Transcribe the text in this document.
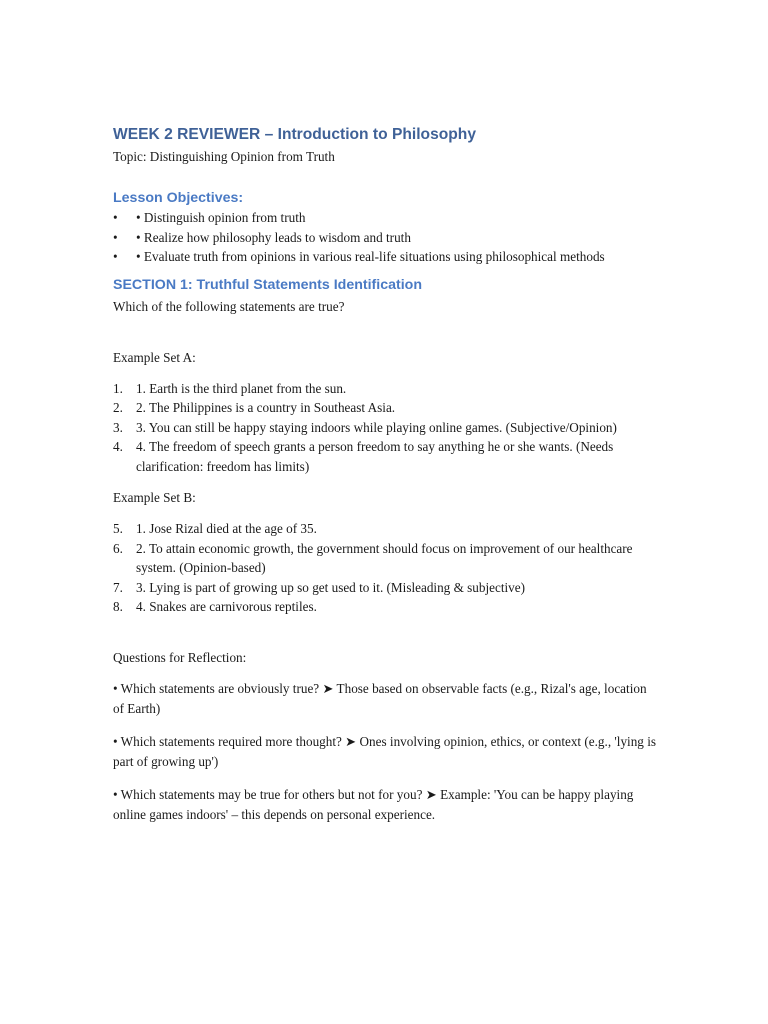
WEEK 2 REVIEWER – Introduction to Philosophy

Topic: Distinguishing Opinion from Truth

Lesson Objectives:
• • Distinguish opinion from truth
• • Realize how philosophy leads to wisdom and truth
• • Evaluate truth from opinions in various real-life situations using philosophical methods
SECTION 1: Truthful Statements Identification

Which of the following statements are true?

Example Set A:

1. 1. Earth is the third planet from the sun.
2. 2. The Philippines is a country in Southeast Asia.
3. 3. You can still be happy staying indoors while playing online games. (Subjective/Opinion)
4. 4. The freedom of speech grants a person freedom to say anything he or she wants. (Needs clarification: freedom has limits)

Example Set B:

5. 1. Jose Rizal died at the age of 35.
6. 2. To attain economic growth, the government should focus on improvement of our healthcare system. (Opinion-based)
7. 3. Lying is part of growing up so get used to it. (Misleading & subjective)
8. 4. Snakes are carnivorous reptiles.

Questions for Reflection:

• Which statements are obviously true? ➤ Those based on observable facts (e.g., Rizal's age, location of Earth)

• Which statements required more thought? ➤ Ones involving opinion, ethics, or context (e.g., 'lying is part of growing up')

• Which statements may be true for others but not for you? ➤ Example: 'You can be happy playing online games indoors' – this depends on personal experience.
